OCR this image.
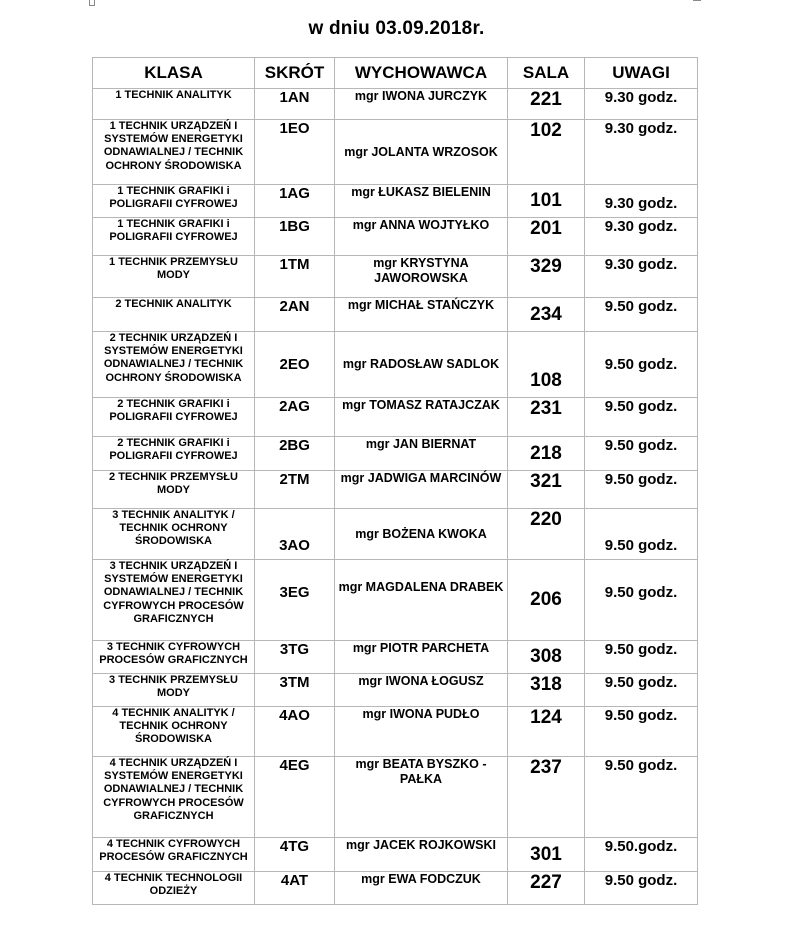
w dniu 03.09.2018r.
KLASA	SKRÓT	WYCHOWAWCA	SALA	UWAGI
1 TECHNIK ANALITYK	1AN	mgr IWONA JURCZYK	221	9.30 godz.
1 TECHNIK URZĄDZEŃ I SYSTEMÓW ENERGETYKI ODNAWIALNEJ / TECHNIK OCHRONY ŚRODOWISKA	1EO	mgr JOLANTA WRZOSOK	102	9.30 godz.
1 TECHNIK GRAFIKI i POLIGRAFII CYFROWEJ	1AG	mgr ŁUKASZ BIELENIN	101	9.30 godz.
1 TECHNIK GRAFIKI i POLIGRAFII CYFROWEJ	1BG	mgr ANNA WOJTYŁKO	201	9.30 godz.
1 TECHNIK PRZEMYSŁU MODY	1TM	mgr KRYSTYNA JAWOROWSKA	329	9.30 godz.
2 TECHNIK ANALITYK	2AN	mgr MICHAŁ STAŃCZYK	234	9.50 godz.
2 TECHNIK URZĄDZEŃ I SYSTEMÓW ENERGETYKI ODNAWIALNEJ / TECHNIK OCHRONY ŚRODOWISKA	2EO	mgr RADOSŁAW SADLOK	108	9.50 godz.
2 TECHNIK GRAFIKI i POLIGRAFII CYFROWEJ	2AG	mgr TOMASZ RATAJCZAK	231	9.50 godz.
2 TECHNIK GRAFIKI i POLIGRAFII CYFROWEJ	2BG	mgr JAN BIERNAT	218	9.50 godz.
2 TECHNIK PRZEMYSŁU MODY	2TM	mgr JADWIGA MARCINÓW	321	9.50 godz.
3 TECHNIK ANALITYK / TECHNIK OCHRONY ŚRODOWISKA	3AO	mgr BOŻENA KWOKA	220	9.50 godz.
3 TECHNIK URZĄDZEŃ I SYSTEMÓW ENERGETYKI ODNAWIALNEJ / TECHNIK CYFROWYCH PROCESÓW GRAFICZNYCH	3EG	mgr MAGDALENA DRABEK	206	9.50 godz.
3 TECHNIK CYFROWYCH PROCESÓW GRAFICZNYCH	3TG	mgr PIOTR PARCHETA	308	9.50 godz.
3 TECHNIK PRZEMYSŁU MODY	3TM	mgr IWONA ŁOGUSZ	318	9.50 godz.
4 TECHNIK ANALITYK / TECHNIK OCHRONY ŚRODOWISKA	4AO	mgr IWONA PUDŁO	124	9.50 godz.
4 TECHNIK URZĄDZEŃ I SYSTEMÓW ENERGETYKI ODNAWIALNEJ / TECHNIK CYFROWYCH PROCESÓW GRAFICZNYCH	4EG	mgr BEATA BYSZKO - PAŁKA	237	9.50 godz.
4 TECHNIK CYFROWYCH PROCESÓW GRAFICZNYCH	4TG	mgr JACEK ROJKOWSKI	301	9.50.godz.
4 TECHNIK TECHNOLOGII ODZIEŻY	4AT	mgr EWA FODCZUK	227	9.50 godz.
